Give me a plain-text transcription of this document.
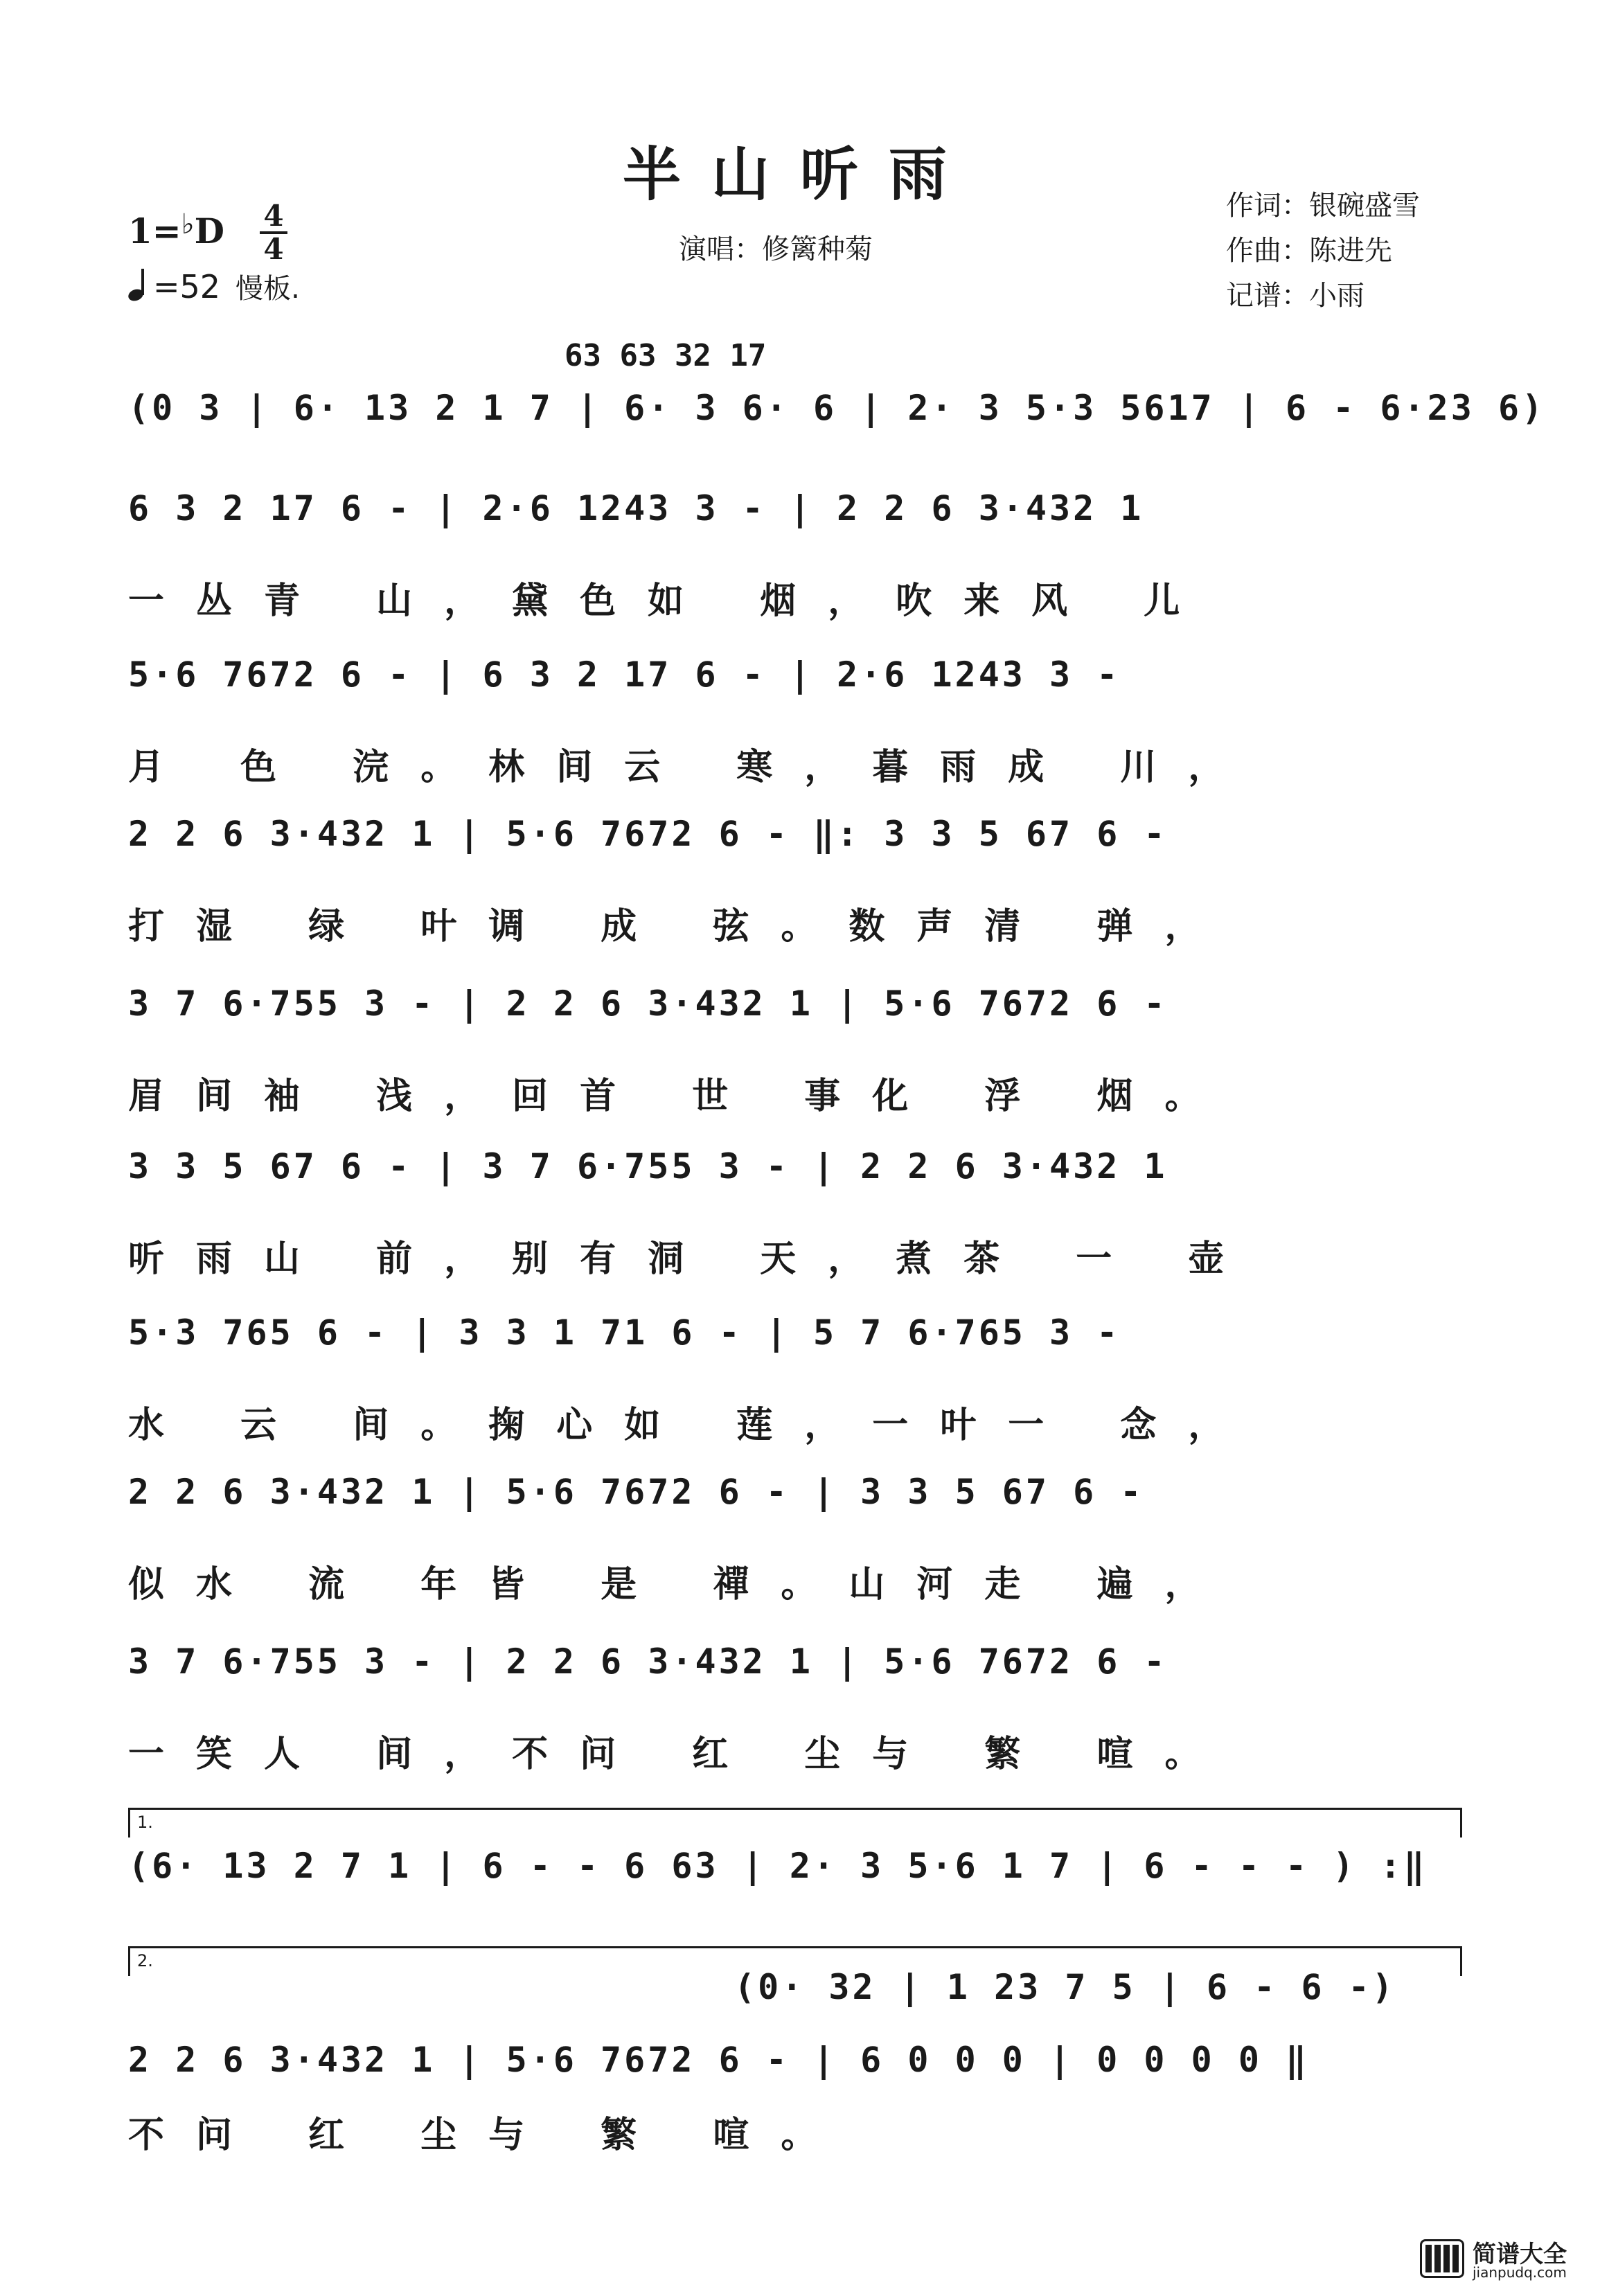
半山听雨	作词：银碗盛雪
作曲：陈进先
记谱：小雨
演唱：修篱种菊
1=♭D 4
4
=52 慢板.
63 63 32 17
(0 3 | 6· 13 2 1 7 | 6· 3 6· 6 | 2· 3 5·3 5617 | 6 - 6·23 6)
6 3 2 17 6 - | 2·6 1243 3 - | 2 2 6 3·432 1
一丛青 山，黛色如 烟，吹来风 儿
5·6 7672 6 - | 6 3 2 17 6 - | 2·6 1243 3 -
月 色 浣。林间云 寒，暮雨成 川，
2 2 6 3·432 1 | 5·6 7672 6 - ‖: 3 3 5 67 6 -
打湿 绿 叶调 成 弦。数声清 弹，
3 7 6·755 3 - | 2 2 6 3·432 1 | 5·6 7672 6 -
眉间袖 浅，回首 世 事化 浮 烟。
3 3 5 67 6 - | 3 7 6·755 3 - | 2 2 6 3·432 1
听雨山 前，别有洞 天，煮茶 一 壶
5·3 765 6 - | 3 3 1 71 6 - | 5 7 6·765 3 -
水 云 间。掬心如 莲，一叶一 念，
2 2 6 3·432 1 | 5·6 7672 6 - | 3 3 5 67 6 -
似水 流 年皆 是 禪。山河走 遍，
3 7 6·755 3 - | 2 2 6 3·432 1 | 5·6 7672 6 -
一笑人 间，不问 红 尘与 繁 喧。
1.
(6· 13 2 7 1 | 6 - - 6 63 | 2· 3 5·6 1 7 | 6 - - - ) :‖
2.
(0· 32 | 1 23 7 5 | 6 - 6 -)
2 2 6 3·432 1 | 5·6 7672 6 - | 6 0 0 0 | 0 0 0 0 ‖
不问 红 尘与 繁 喧。
简谱大全
jianpudq.com
